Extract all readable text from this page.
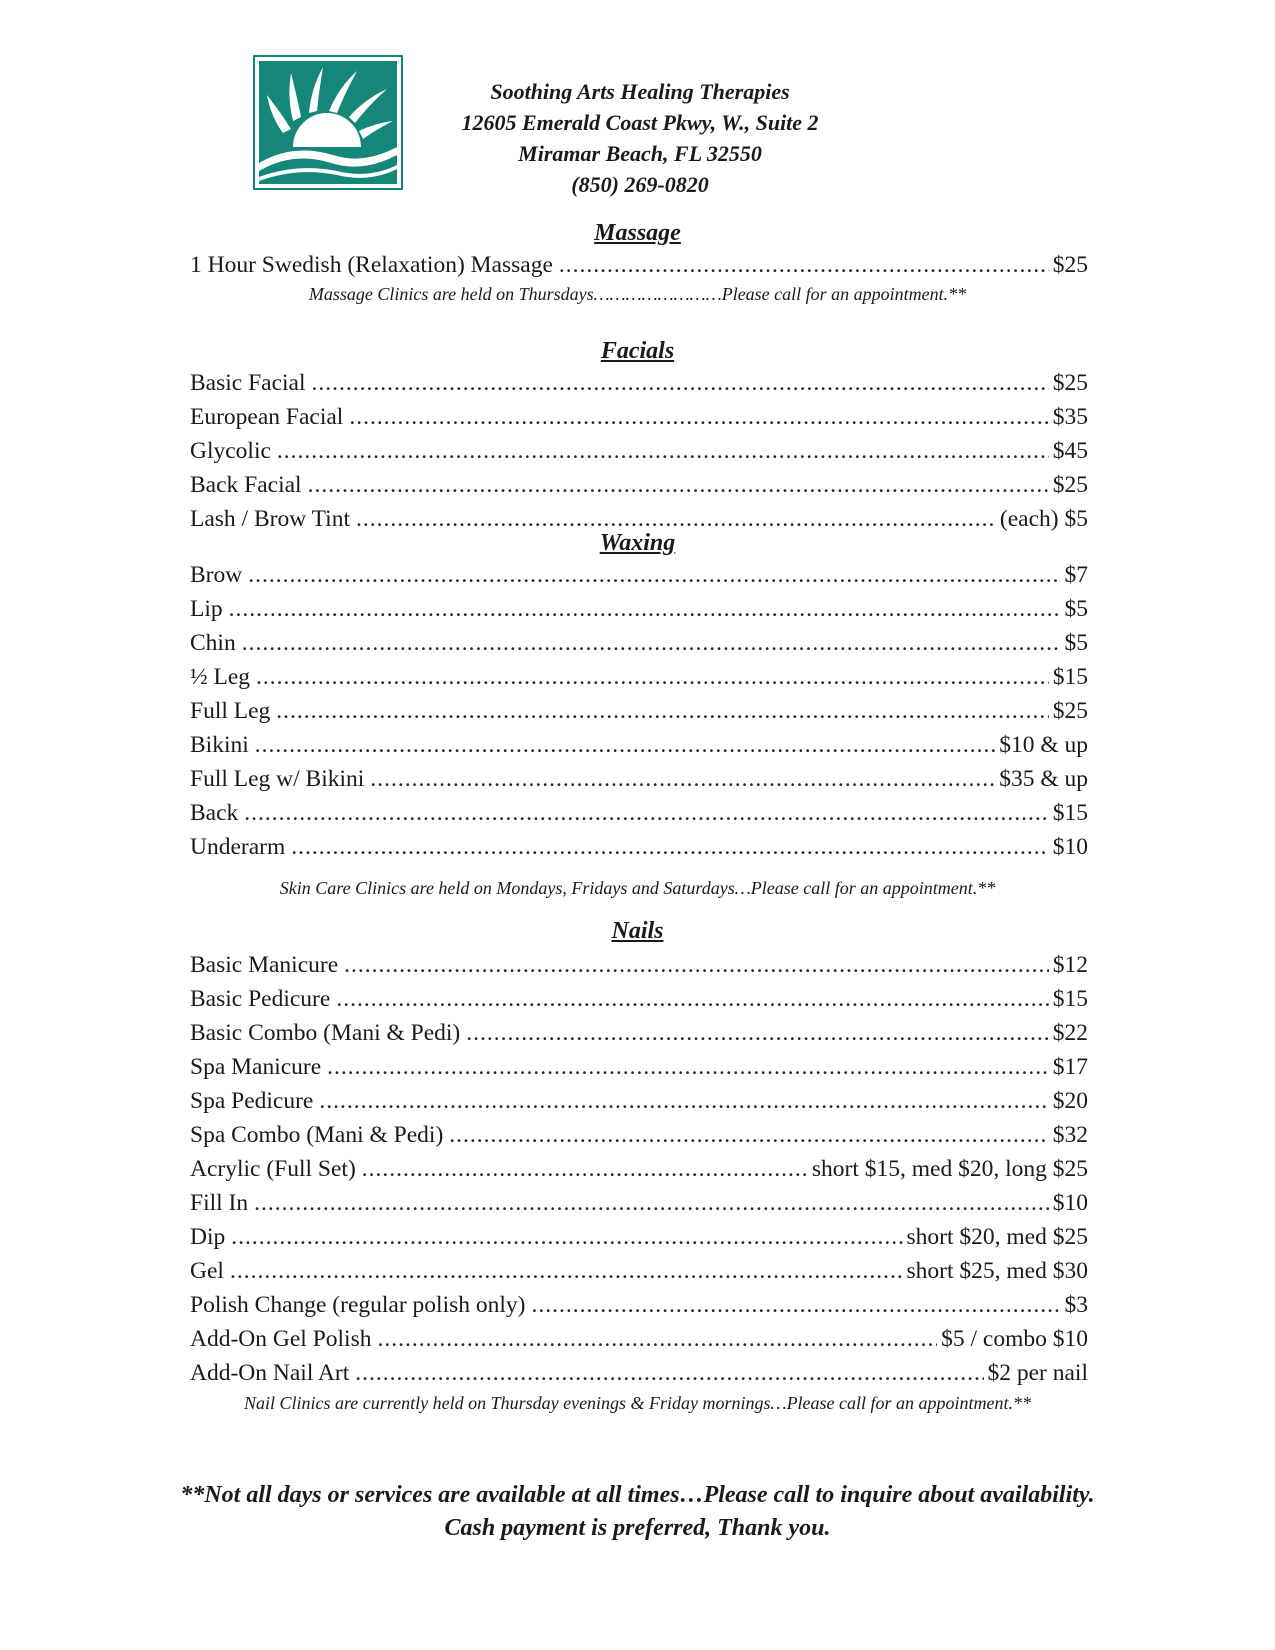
Soothing Arts Healing Therapies
12605 Emerald Coast Pkwy, W., Suite 2
Miramar Beach, FL 32550
(850) 269-0820
Massage
1 Hour Swedish (Relaxation) Massage .....	$25
Massage Clinics are held on Thursdays……………………Please call for an appointment.**
Facials
Basic Facial .....	$25
European Facial .....	$35
Glycolic .....	$45
Back Facial .....	$25
Lash / Brow Tint .....	(each) $5
Waxing
Brow .....	$7
Lip .....	$5
Chin .....	$5
½ Leg .....	$15
Full Leg .....	$25
Bikini .....	$10 & up
Full Leg w/ Bikini .....	$35 & up
Back .....	$15
Underarm .....	$10
Skin Care Clinics are held on Mondays, Fridays and Saturdays…Please call for an appointment.**
Nails
Basic Manicure .....	$12
Basic Pedicure .....	$15
Basic Combo (Mani & Pedi) .....	$22
Spa Manicure .....	$17
Spa Pedicure .....	$20
Spa Combo (Mani & Pedi) .....	$32
Acrylic (Full Set) .....	short $15, med $20, long $25
Fill In .....	$10
Dip .....	short $20, med $25
Gel .....	short $25, med $30
Polish Change (regular polish only) .....	$3
Add-On Gel Polish .....	$5 / combo $10
Add-On Nail Art .....	$2 per nail
Nail Clinics are currently held on Thursday evenings & Friday mornings…Please call for an appointment.**
**Not all days or services are available at all times…Please call to inquire about availability.
Cash payment is preferred, Thank you.
